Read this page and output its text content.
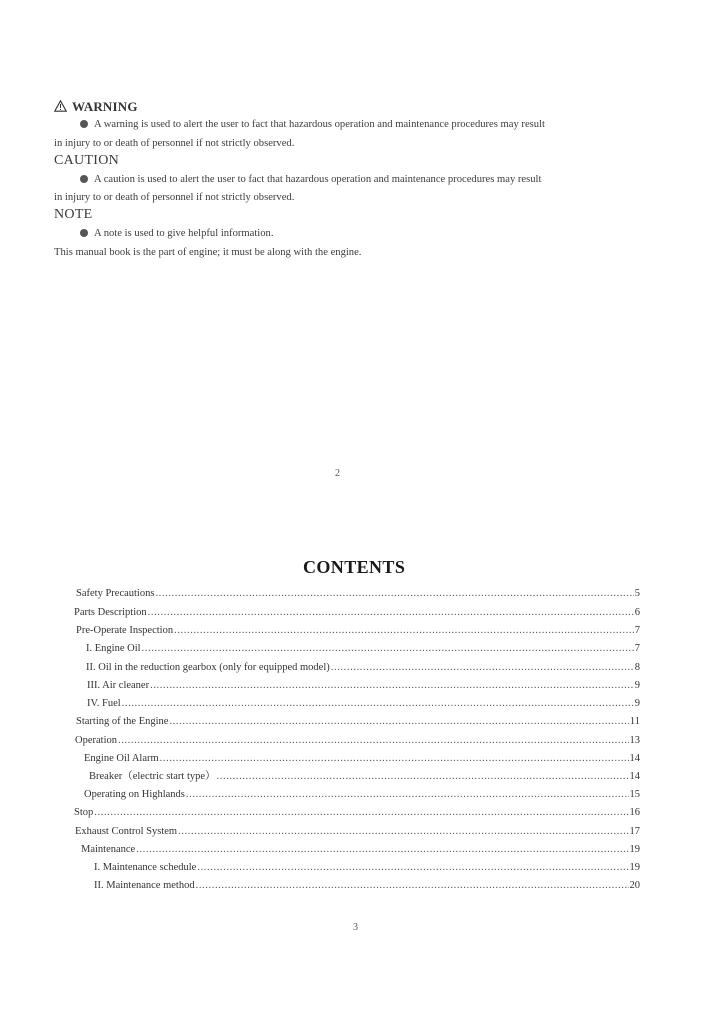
WARNING
A warning is used to alert the user to fact that hazardous operation and maintenance procedures may result
in injury to or death of personnel if not strictly observed.
CAUTION
A caution is used to alert the user to fact that hazardous operation and maintenance procedures may result
in injury to or death of personnel if not strictly observed.
NOTE
A note is used to give helpful information.
This manual book is the part of engine; it must be along with the engine.
2
CONTENTS
Safety Precautions .....	5
Parts Description .....	6
Pre-Operate Inspection .....	7
I. Engine Oil .....	7
II. Oil in the reduction gearbox (only for equipped model) .....	8
III. Air cleaner .....	9
IV. Fuel .....	9
Starting of the Engine .....	11
Operation .....	13
Engine Oil Alarm .....	14
Breaker（electric start type） .....	14
Operating on Highlands .....	15
Stop .....	16
Exhaust Control System .....	17
Maintenance .....	19
I. Maintenance schedule .....	19
II. Maintenance method .....	20
3
